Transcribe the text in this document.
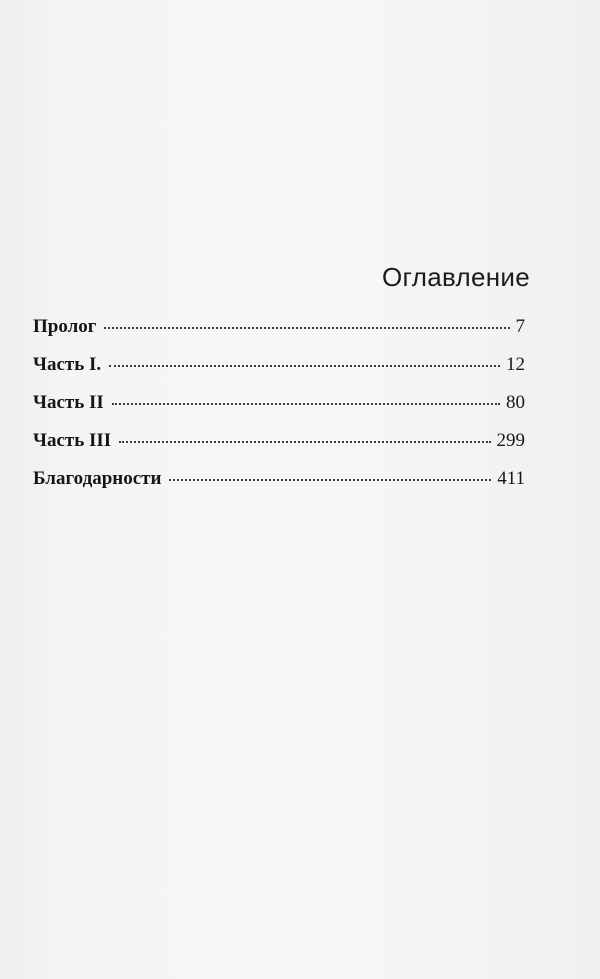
Оглавление
Пролог	7
Часть I.	12
Часть II	80
Часть III	299
Благодарности	411
